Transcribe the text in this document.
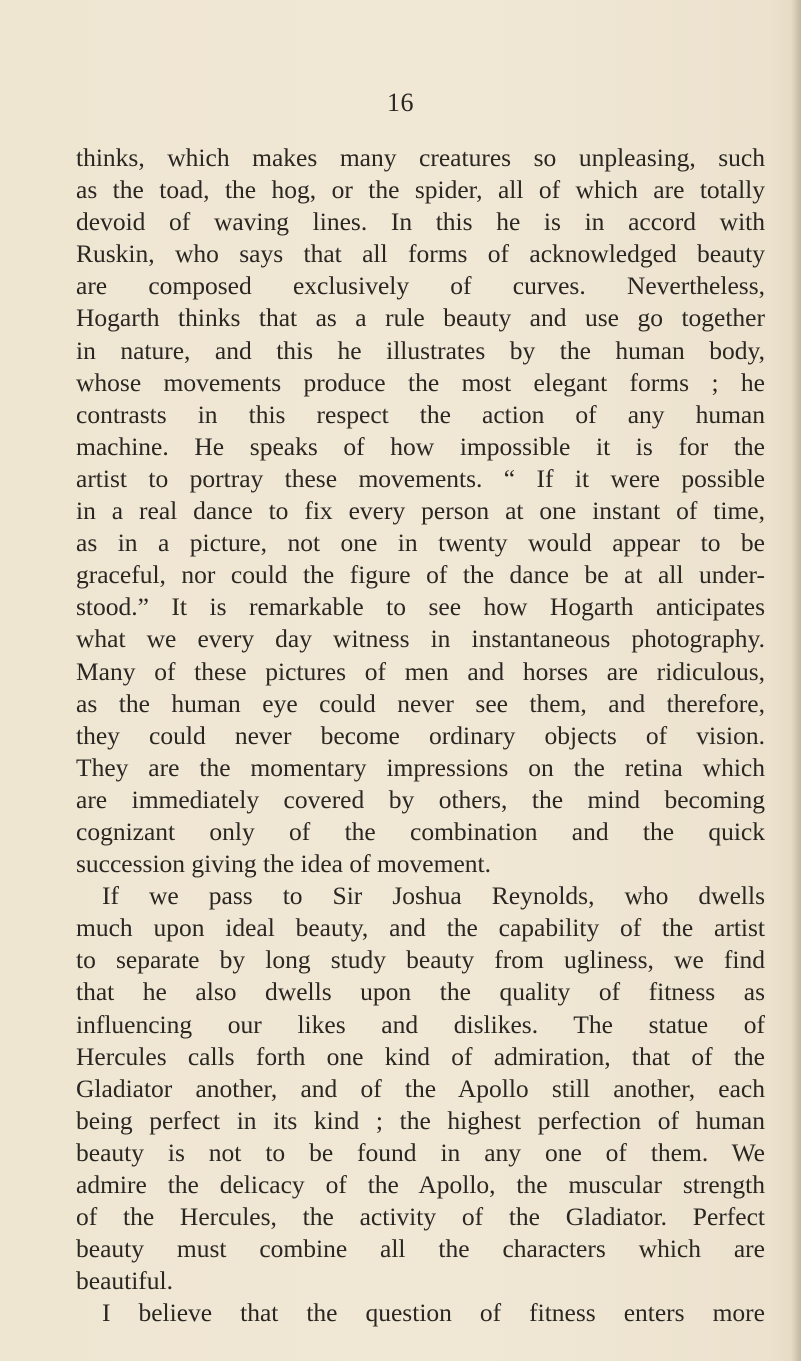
16
thinks, which makes many creatures so unpleasing, such
as the toad, the hog, or the spider, all of which are totally
devoid of waving lines. In this he is in accord with
Ruskin, who says that all forms of acknowledged beauty
are composed exclusively of curves. Nevertheless,
Hogarth thinks that as a rule beauty and use go together
in nature, and this he illustrates by the human body,
whose movements produce the most elegant forms ; he
contrasts in this respect the action of any human
machine. He speaks of how impossible it is for the
artist to portray these movements. “ If it were possible
in a real dance to fix every person at one instant of time,
as in a picture, not one in twenty would appear to be
graceful, nor could the figure of the dance be at all under-
stood.” It is remarkable to see how Hogarth anticipates
what we every day witness in instantaneous photography.
Many of these pictures of men and horses are ridiculous,
as the human eye could never see them, and therefore,
they could never become ordinary objects of vision.
They are the momentary impressions on the retina which
are immediately covered by others, the mind becoming
cognizant only of the combination and the quick
succession giving the idea of movement.
If we pass to Sir Joshua Reynolds, who dwells
much upon ideal beauty, and the capability of the artist
to separate by long study beauty from ugliness, we find
that he also dwells upon the quality of fitness as
influencing our likes and dislikes. The statue of
Hercules calls forth one kind of admiration, that of the
Gladiator another, and of the Apollo still another, each
being perfect in its kind ; the highest perfection of human
beauty is not to be found in any one of them. We
admire the delicacy of the Apollo, the muscular strength
of the Hercules, the activity of the Gladiator. Perfect
beauty must combine all the characters which are
beautiful.
I believe that the question of fitness enters more
